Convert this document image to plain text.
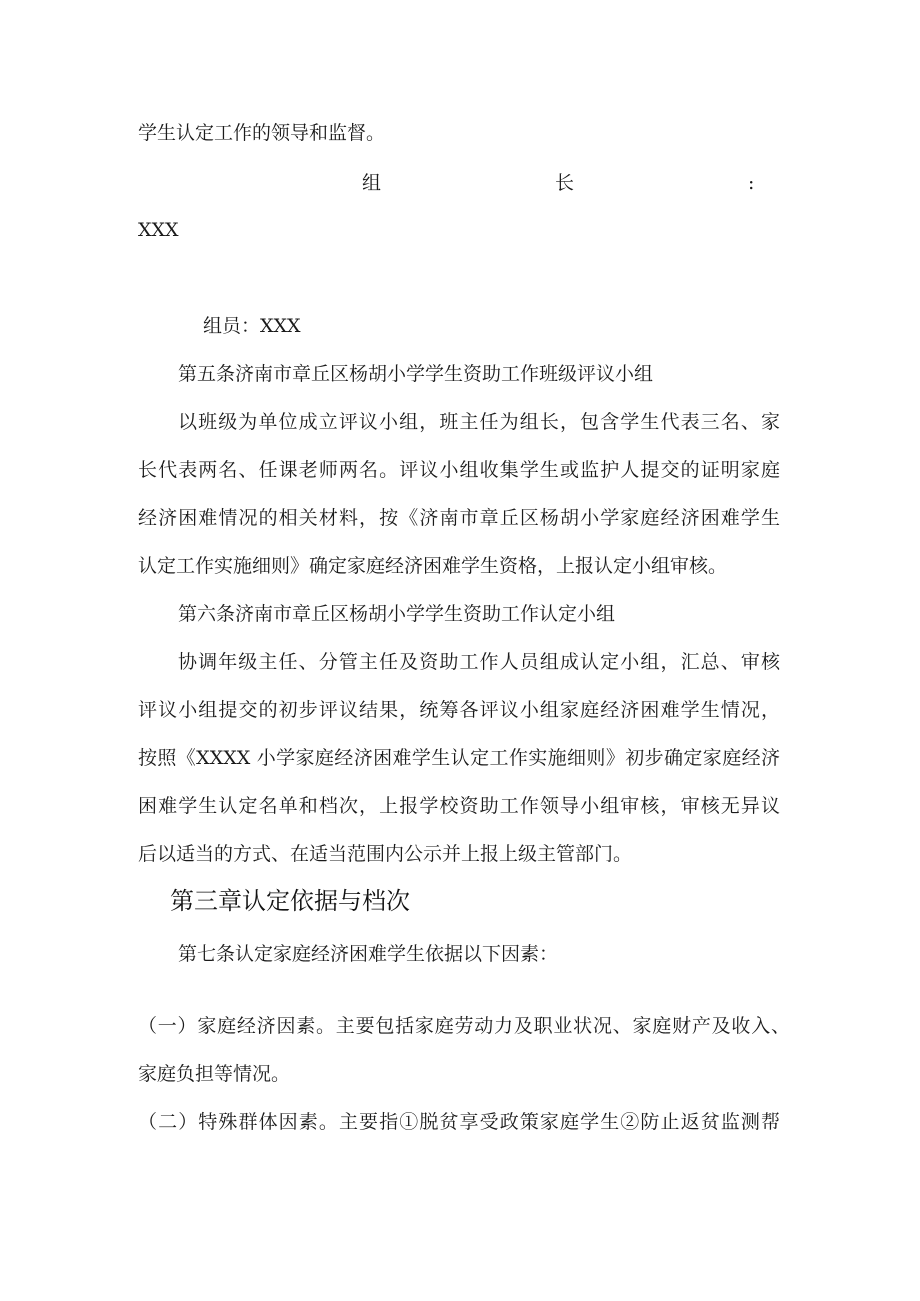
学生认定工作的领导和监督。
组	长	:
XXX
组员：XXX
第五条济南市章丘区杨胡小学学生资助工作班级评议小组
以班级为单位成立评议小组，班主任为组长，包含学生代表三名、家
长代表两名、任课老师两名。评议小组收集学生或监护人提交的证明家庭
经济困难情况的相关材料，按《济南市章丘区杨胡小学家庭经济困难学生
认定工作实施细则》确定家庭经济困难学生资格，上报认定小组审核。
第六条济南市章丘区杨胡小学学生资助工作认定小组
协调年级主任、分管主任及资助工作人员组成认定小组，汇总、审核
评议小组提交的初步评议结果，统筹各评议小组家庭经济困难学生情况，
按照《XXXX 小学家庭经济困难学生认定工作实施细则》初步确定家庭经济
困难学生认定名单和档次，上报学校资助工作领导小组审核，审核无异议
后以适当的方式、在适当范围内公示并上报上级主管部门。
第三章认定依据与档次
第七条认定家庭经济困难学生依据以下因素：
（一）家庭经济因素。主要包括家庭劳动力及职业状况、家庭财产及收入、
家庭负担等情况。
（二）特殊群体因素。主要指①脱贫享受政策家庭学生②防止返贫监测帮
